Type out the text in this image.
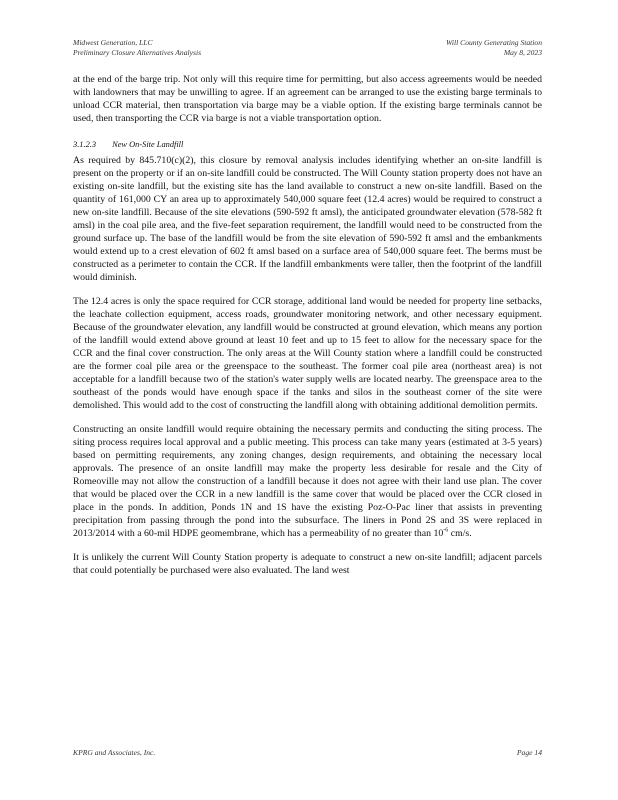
Midwest Generation, LLC
Preliminary Closure Alternatives Analysis
Will County Generating Station
May 8, 2023

at the end of the barge trip. Not only will this require time for permitting, but also access agreements would be needed with landowners that may be unwilling to agree. If an agreement can be arranged to use the existing barge terminals to unload CCR material, then transportation via barge may be a viable option. If the existing barge terminals cannot be used, then transporting the CCR via barge is not a viable transportation option.

3.1.2.3 New On-Site Landfill

As required by 845.710(c)(2), this closure by removal analysis includes identifying whether an on-site landfill is present on the property or if an on-site landfill could be constructed. The Will County station property does not have an existing on-site landfill, but the existing site has the land available to construct a new on-site landfill. Based on the quantity of 161,000 CY an area up to approximately 540,000 square feet (12.4 acres) would be required to construct a new on-site landfill. Because of the site elevations (590-592 ft amsl), the anticipated groundwater elevation (578-582 ft amsl) in the coal pile area, and the five-feet separation requirement, the landfill would need to be constructed from the ground surface up. The base of the landfill would be from the site elevation of 590-592 ft amsl and the embankments would extend up to a crest elevation of 602 ft amsl based on a surface area of 540,000 square feet. The berms must be constructed as a perimeter to contain the CCR. If the landfill embankments were taller, then the footprint of the landfill would diminish.

The 12.4 acres is only the space required for CCR storage, additional land would be needed for property line setbacks, the leachate collection equipment, access roads, groundwater monitoring network, and other necessary equipment. Because of the groundwater elevation, any landfill would be constructed at ground elevation, which means any portion of the landfill would extend above ground at least 10 feet and up to 15 feet to allow for the necessary space for the CCR and the final cover construction. The only areas at the Will County station where a landfill could be constructed are the former coal pile area or the greenspace to the southeast. The former coal pile area (northeast area) is not acceptable for a landfill because two of the station's water supply wells are located nearby. The greenspace area to the southeast of the ponds would have enough space if the tanks and silos in the southeast corner of the site were demolished. This would add to the cost of constructing the landfill along with obtaining additional demolition permits.

Constructing an onsite landfill would require obtaining the necessary permits and conducting the siting process. The siting process requires local approval and a public meeting. This process can take many years (estimated at 3-5 years) based on permitting requirements, any zoning changes, design requirements, and obtaining the necessary local approvals. The presence of an onsite landfill may make the property less desirable for resale and the City of Romeoville may not allow the construction of a landfill because it does not agree with their land use plan. The cover that would be placed over the CCR in a new landfill is the same cover that would be placed over the CCR closed in place in the ponds. In addition, Ponds 1N and 1S have the existing Poz-O-Pac liner that assists in preventing precipitation from passing through the pond into the subsurface. The liners in Pond 2S and 3S were replaced in 2013/2014 with a 60-mil HDPE geomembrane, which has a permeability of no greater than $10^{-6}$ cm/s.

It is unlikely the current Will County Station property is adequate to construct a new on-site landfill; adjacent parcels that could potentially be purchased were also evaluated. The land west

KPRG and Associates, Inc.	Page 14
